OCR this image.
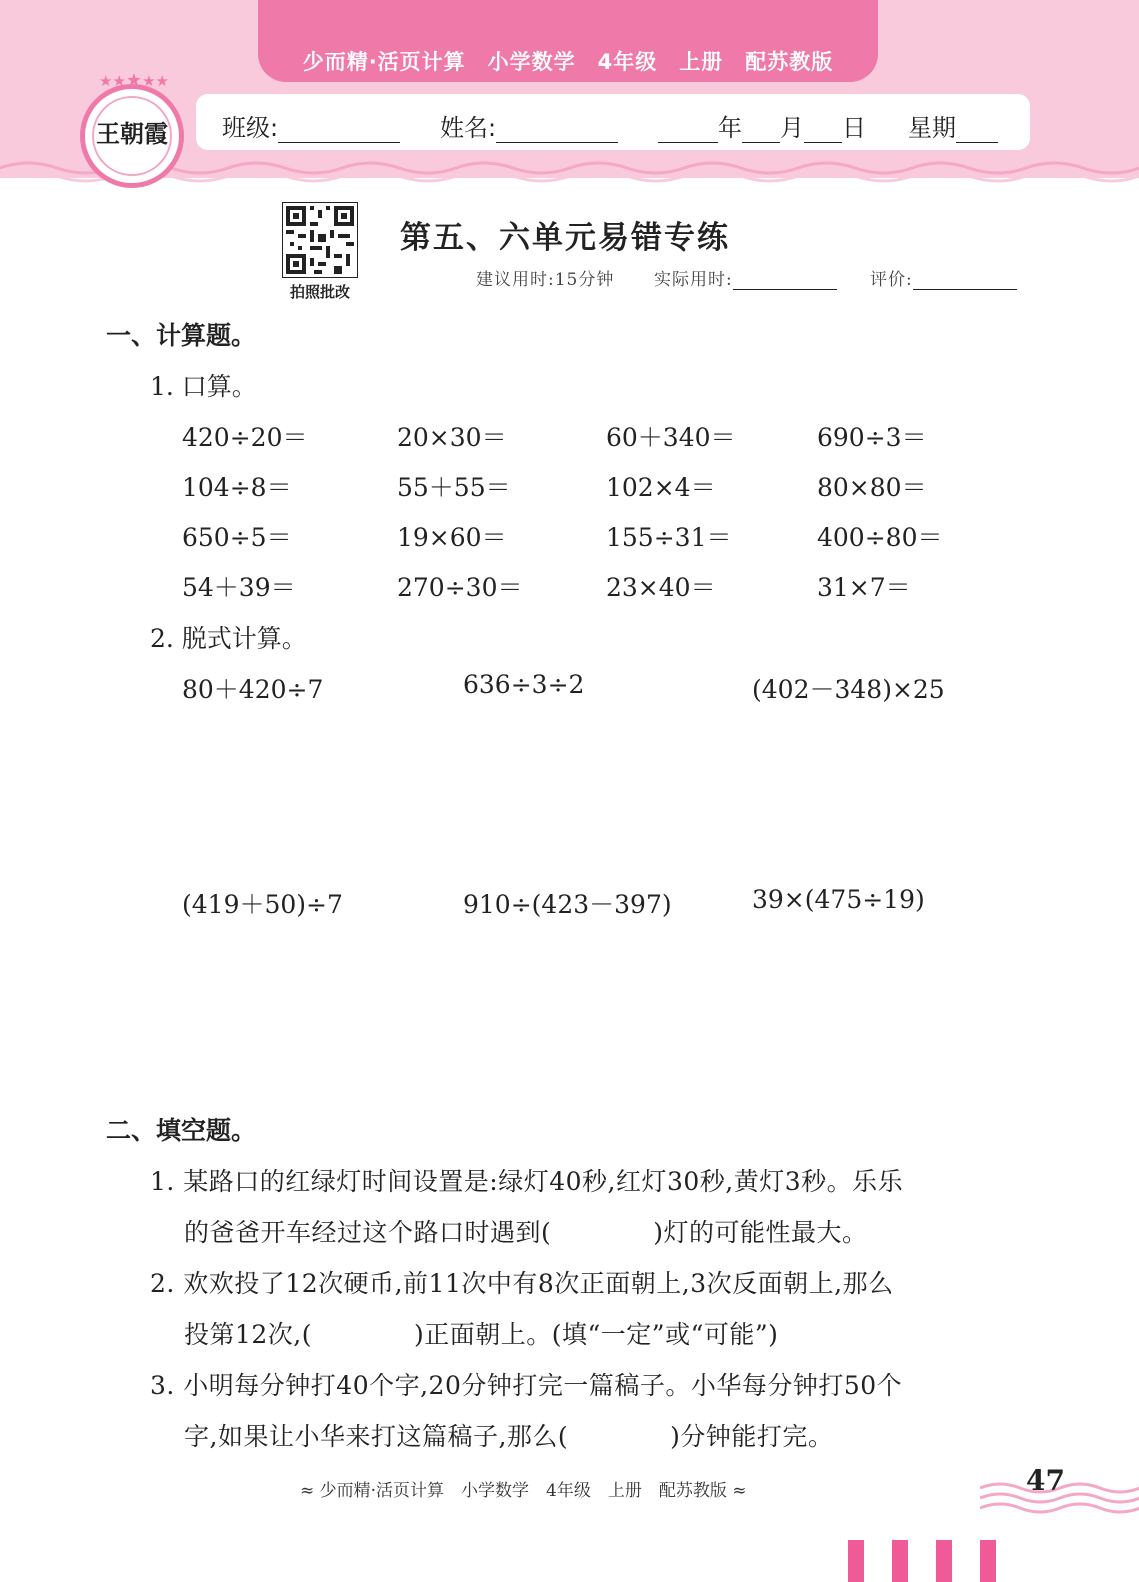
少而精·活页计算　小学数学　4年级　上册　配苏教版
班级:	姓名:	年 月 日 星期
王朝霞
★★★★★
拍照批改
第五、六单元易错专练
建议用时:15分钟 实际用时:	评价:
一、计算题。
1. 口算。
420÷20＝	20×30＝	60＋340＝	690÷3＝
104÷8＝	55＋55＝	102×4＝	80×80＝
650÷5＝	19×60＝	155÷31＝	400÷80＝
54＋39＝	270÷30＝	23×40＝	31×7＝
2. 脱式计算。
80＋420÷7	636÷3÷2	(402－348)×25
(419＋50)÷7	910÷(423－397)	39×(475÷19)
二、填空题。
1. 某路口的红绿灯时间设置是:绿灯40秒,红灯30秒,黄灯3秒。乐乐
的爸爸开车经过这个路口时遇到(　　　　)灯的可能性最大。
2. 欢欢投了12次硬币,前11次中有8次正面朝上,3次反面朝上,那么
投第12次,(　　　　)正面朝上。(填“一定”或“可能”)
3. 小明每分钟打40个字,20分钟打完一篇稿子。小华每分钟打50个
字,如果让小华来打这篇稿子,那么(　　　　)分钟能打完。
≈ 少而精·活页计算　小学数学　4年级　上册　配苏教版 ≈	47
